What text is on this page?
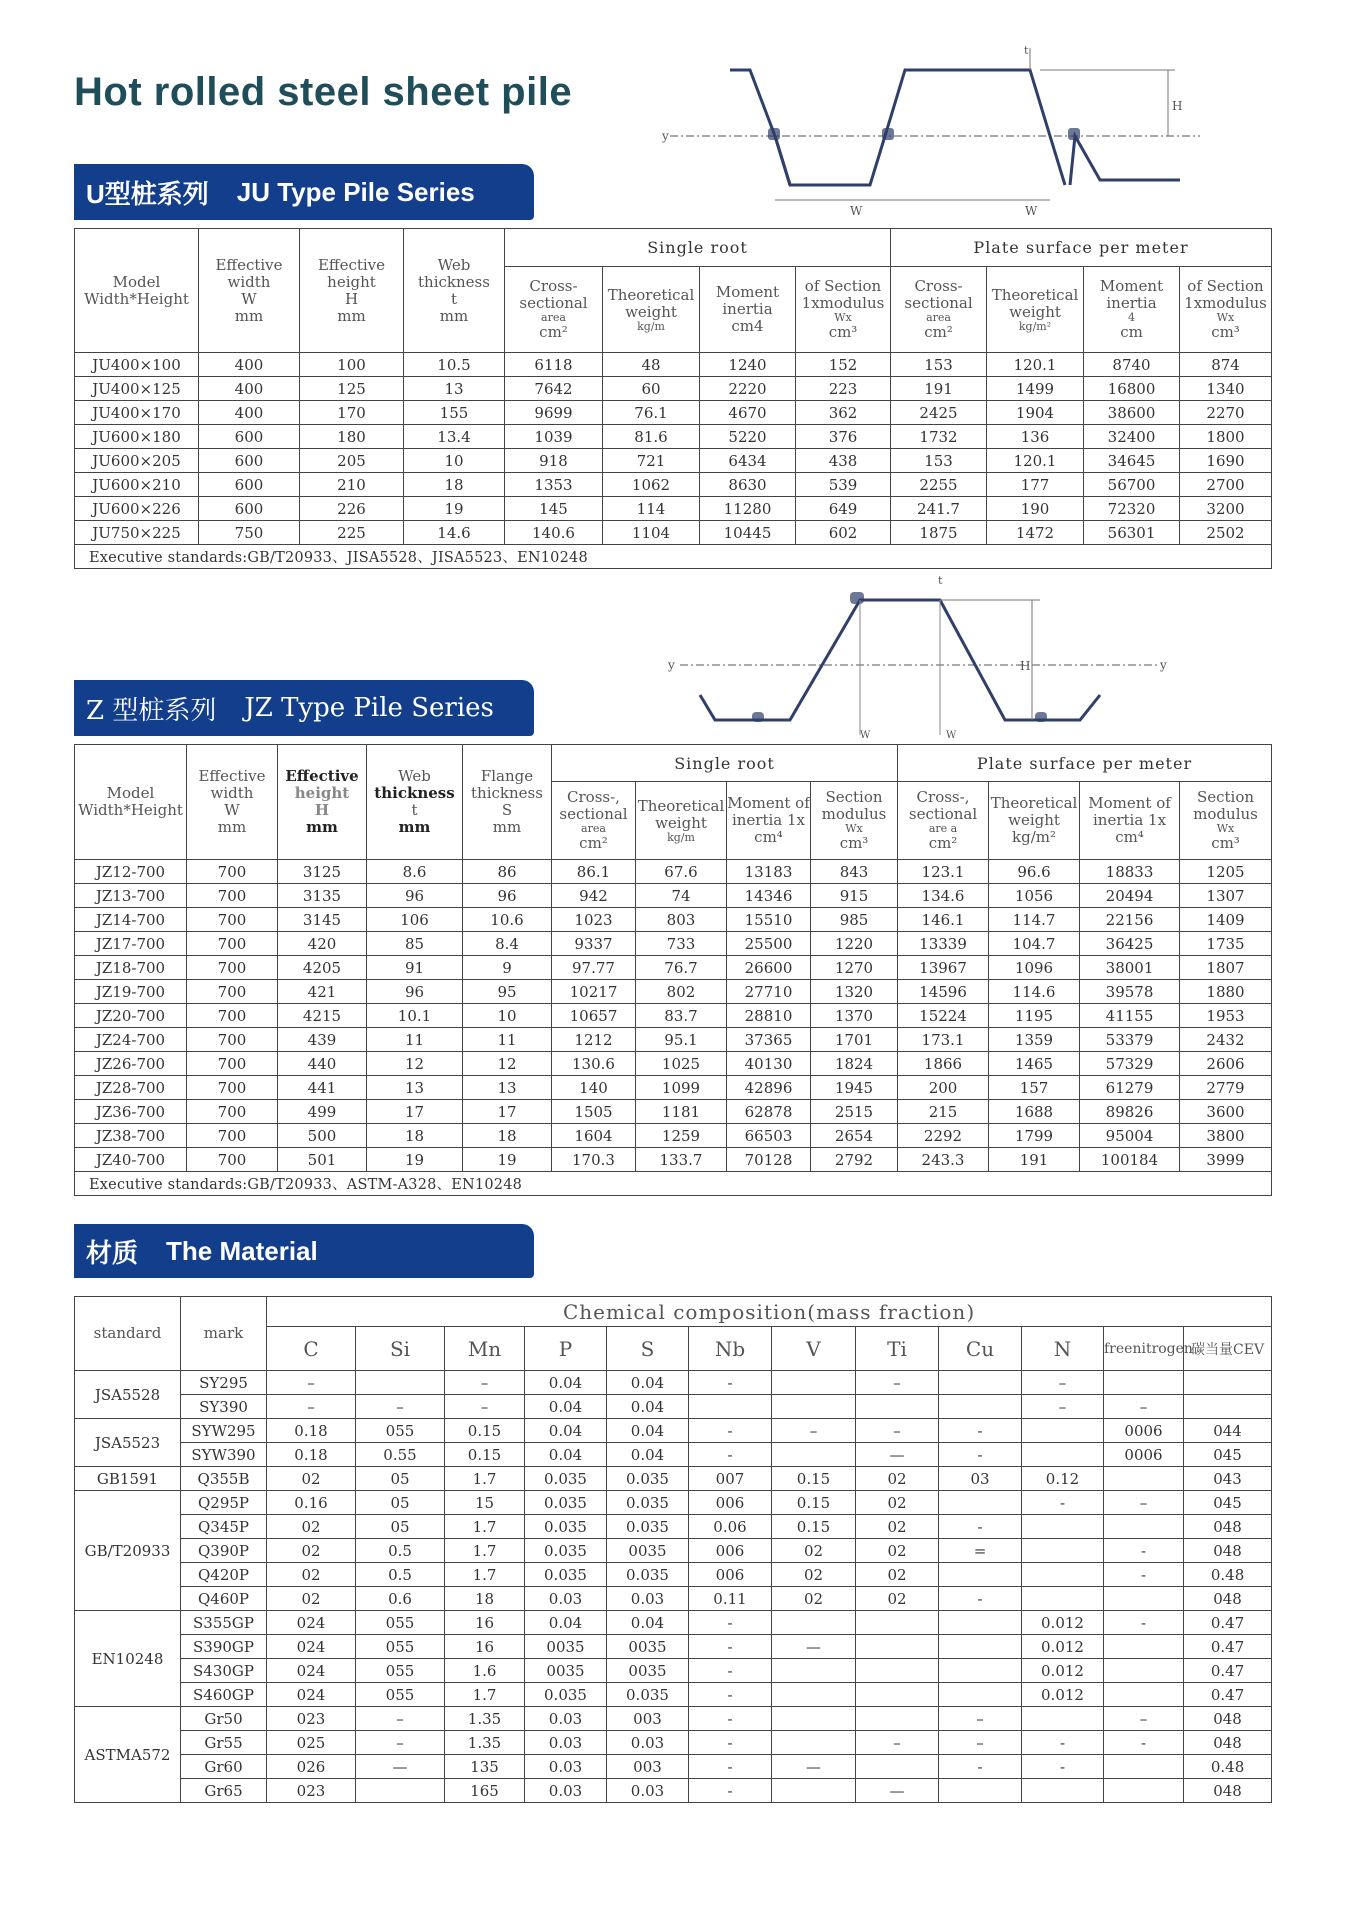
Hot rolled steel sheet pile
y
H
t
W	W
U型桩系列 JU Type Pile Series
Model
Width*Height	Effective
width
W
mm	Effective
height
H
mm	Web
thickness
t
mm	Single root				Plate surface per meter			
				Cross-
sectional
area
cm²	Theoretical
weight
kg/m	Moment
inertia
cm4	of Section
1xmodulus
Wx
cm³	Cross-
sectional
area
cm²	Theoretical
weight
kg/m²	Moment
inertia
4
cm	of Section
1xmodulus
Wx
cm³
JU400×100	400	100	10.5	6118	48	1240	152	153	120.1	8740	874
JU400×125	400	125	13	7642	60	2220	223	191	1499	16800	1340
JU400×170	400	170	155	9699	76.1	4670	362	2425	1904	38600	2270
JU600×180	600	180	13.4	1039	81.6	5220	376	1732	136	32400	1800
JU600×205	600	205	10	918	721	6434	438	153	120.1	34645	1690
JU600×210	600	210	18	1353	1062	8630	539	2255	177	56700	2700
JU600×226	600	226	19	145	114	11280	649	241.7	190	72320	3200
JU750×225	750	225	14.6	140.6	1104	10445	602	1875	1472	56301	2502
Executive standards:GB/T20933、JISA5528、JISA5523、EN10248											
y	y
H
t
W	W
Z 型桩系列 JZ Type Pile Series
Model
Width*Height	Effective
width
W
mm	Effective
height
H
mm	Web
thickness
t
mm	Flange
thickness
S
mm	Single root				Plate surface per meter			
					Cross-,
sectional
area
cm²	Theoretical
weight
kg/m	Moment of
inertia 1x
cm⁴	Section
modulus
Wx
cm³	Cross-,
sectional
are a
cm²	Theoretical
weight
kg/m²	Moment of
inertia 1x
cm⁴	Section
modulus
Wx
cm³
JZ12-700	700	3125	8.6	86	86.1	67.6	13183	843	123.1	96.6	18833	1205
JZ13-700	700	3135	96	96	942	74	14346	915	134.6	1056	20494	1307
JZ14-700	700	3145	106	10.6	1023	803	15510	985	146.1	114.7	22156	1409
JZ17-700	700	420	85	8.4	9337	733	25500	1220	13339	104.7	36425	1735
JZ18-700	700	4205	91	9	97.77	76.7	26600	1270	13967	1096	38001	1807
JZ19-700	700	421	96	95	10217	802	27710	1320	14596	114.6	39578	1880
JZ20-700	700	4215	10.1	10	10657	83.7	28810	1370	15224	1195	41155	1953
JZ24-700	700	439	11	11	1212	95.1	37365	1701	173.1	1359	53379	2432
JZ26-700	700	440	12	12	130.6	1025	40130	1824	1866	1465	57329	2606
JZ28-700	700	441	13	13	140	1099	42896	1945	200	157	61279	2779
JZ36-700	700	499	17	17	1505	1181	62878	2515	215	1688	89826	3600
JZ38-700	700	500	18	18	1604	1259	66503	2654	2292	1799	95004	3800
JZ40-700	700	501	19	19	170.3	133.7	70128	2792	243.3	191	100184	3999
Executive standards:GB/T20933、ASTM-A328、EN10248												
材质 The Material
standard	mark	Chemical composition(mass fraction)											
		C	Si	Mn	P	S	Nb	V	Ti	Cu	N	freenitrogen	碳当量CEV
JSA5528	SY295	–		–	0.04	0.04	-		–		–		
	SY390	–	–	–	0.04	0.04					–	–	
JSA5523	SYW295	0.18	055	0.15	0.04	0.04	-	–	–	-		0006	044
	SYW390	0.18	0.55	0.15	0.04	0.04	-		—	-		0006	045
GB1591	Q355B	02	05	1.7	0.035	0.035	007	0.15	02	03	0.12		043
GB/T20933	Q295P	0.16	05	15	0.035	0.035	006	0.15	02		-	–	045
	Q345P	02	05	1.7	0.035	0.035	0.06	0.15	02	-			048
	Q390P	02	0.5	1.7	0.035	0035	006	02	02	=		-	048
	Q420P	02	0.5	1.7	0.035	0.035	006	02	02			-	0.48
	Q460P	02	0.6	18	0.03	0.03	0.11	02	02	-			048
EN10248	S355GP	024	055	16	0.04	0.04	-				0.012	-	0.47
	S390GP	024	055	16	0035	0035	-	—			0.012		0.47
	S430GP	024	055	1.6	0035	0035	-				0.012		0.47
	S460GP	024	055	1.7	0.035	0.035	-				0.012		0.47
ASTMA572	Gr50	023	–	1.35	0.03	003	-			–		–	048
	Gr55	025	–	1.35	0.03	0.03	-		–	–	-	-	048
	Gr60	026	—	135	0.03	003	-	—		-	-		0.48
	Gr65	023		165	0.03	0.03	-		—				048
